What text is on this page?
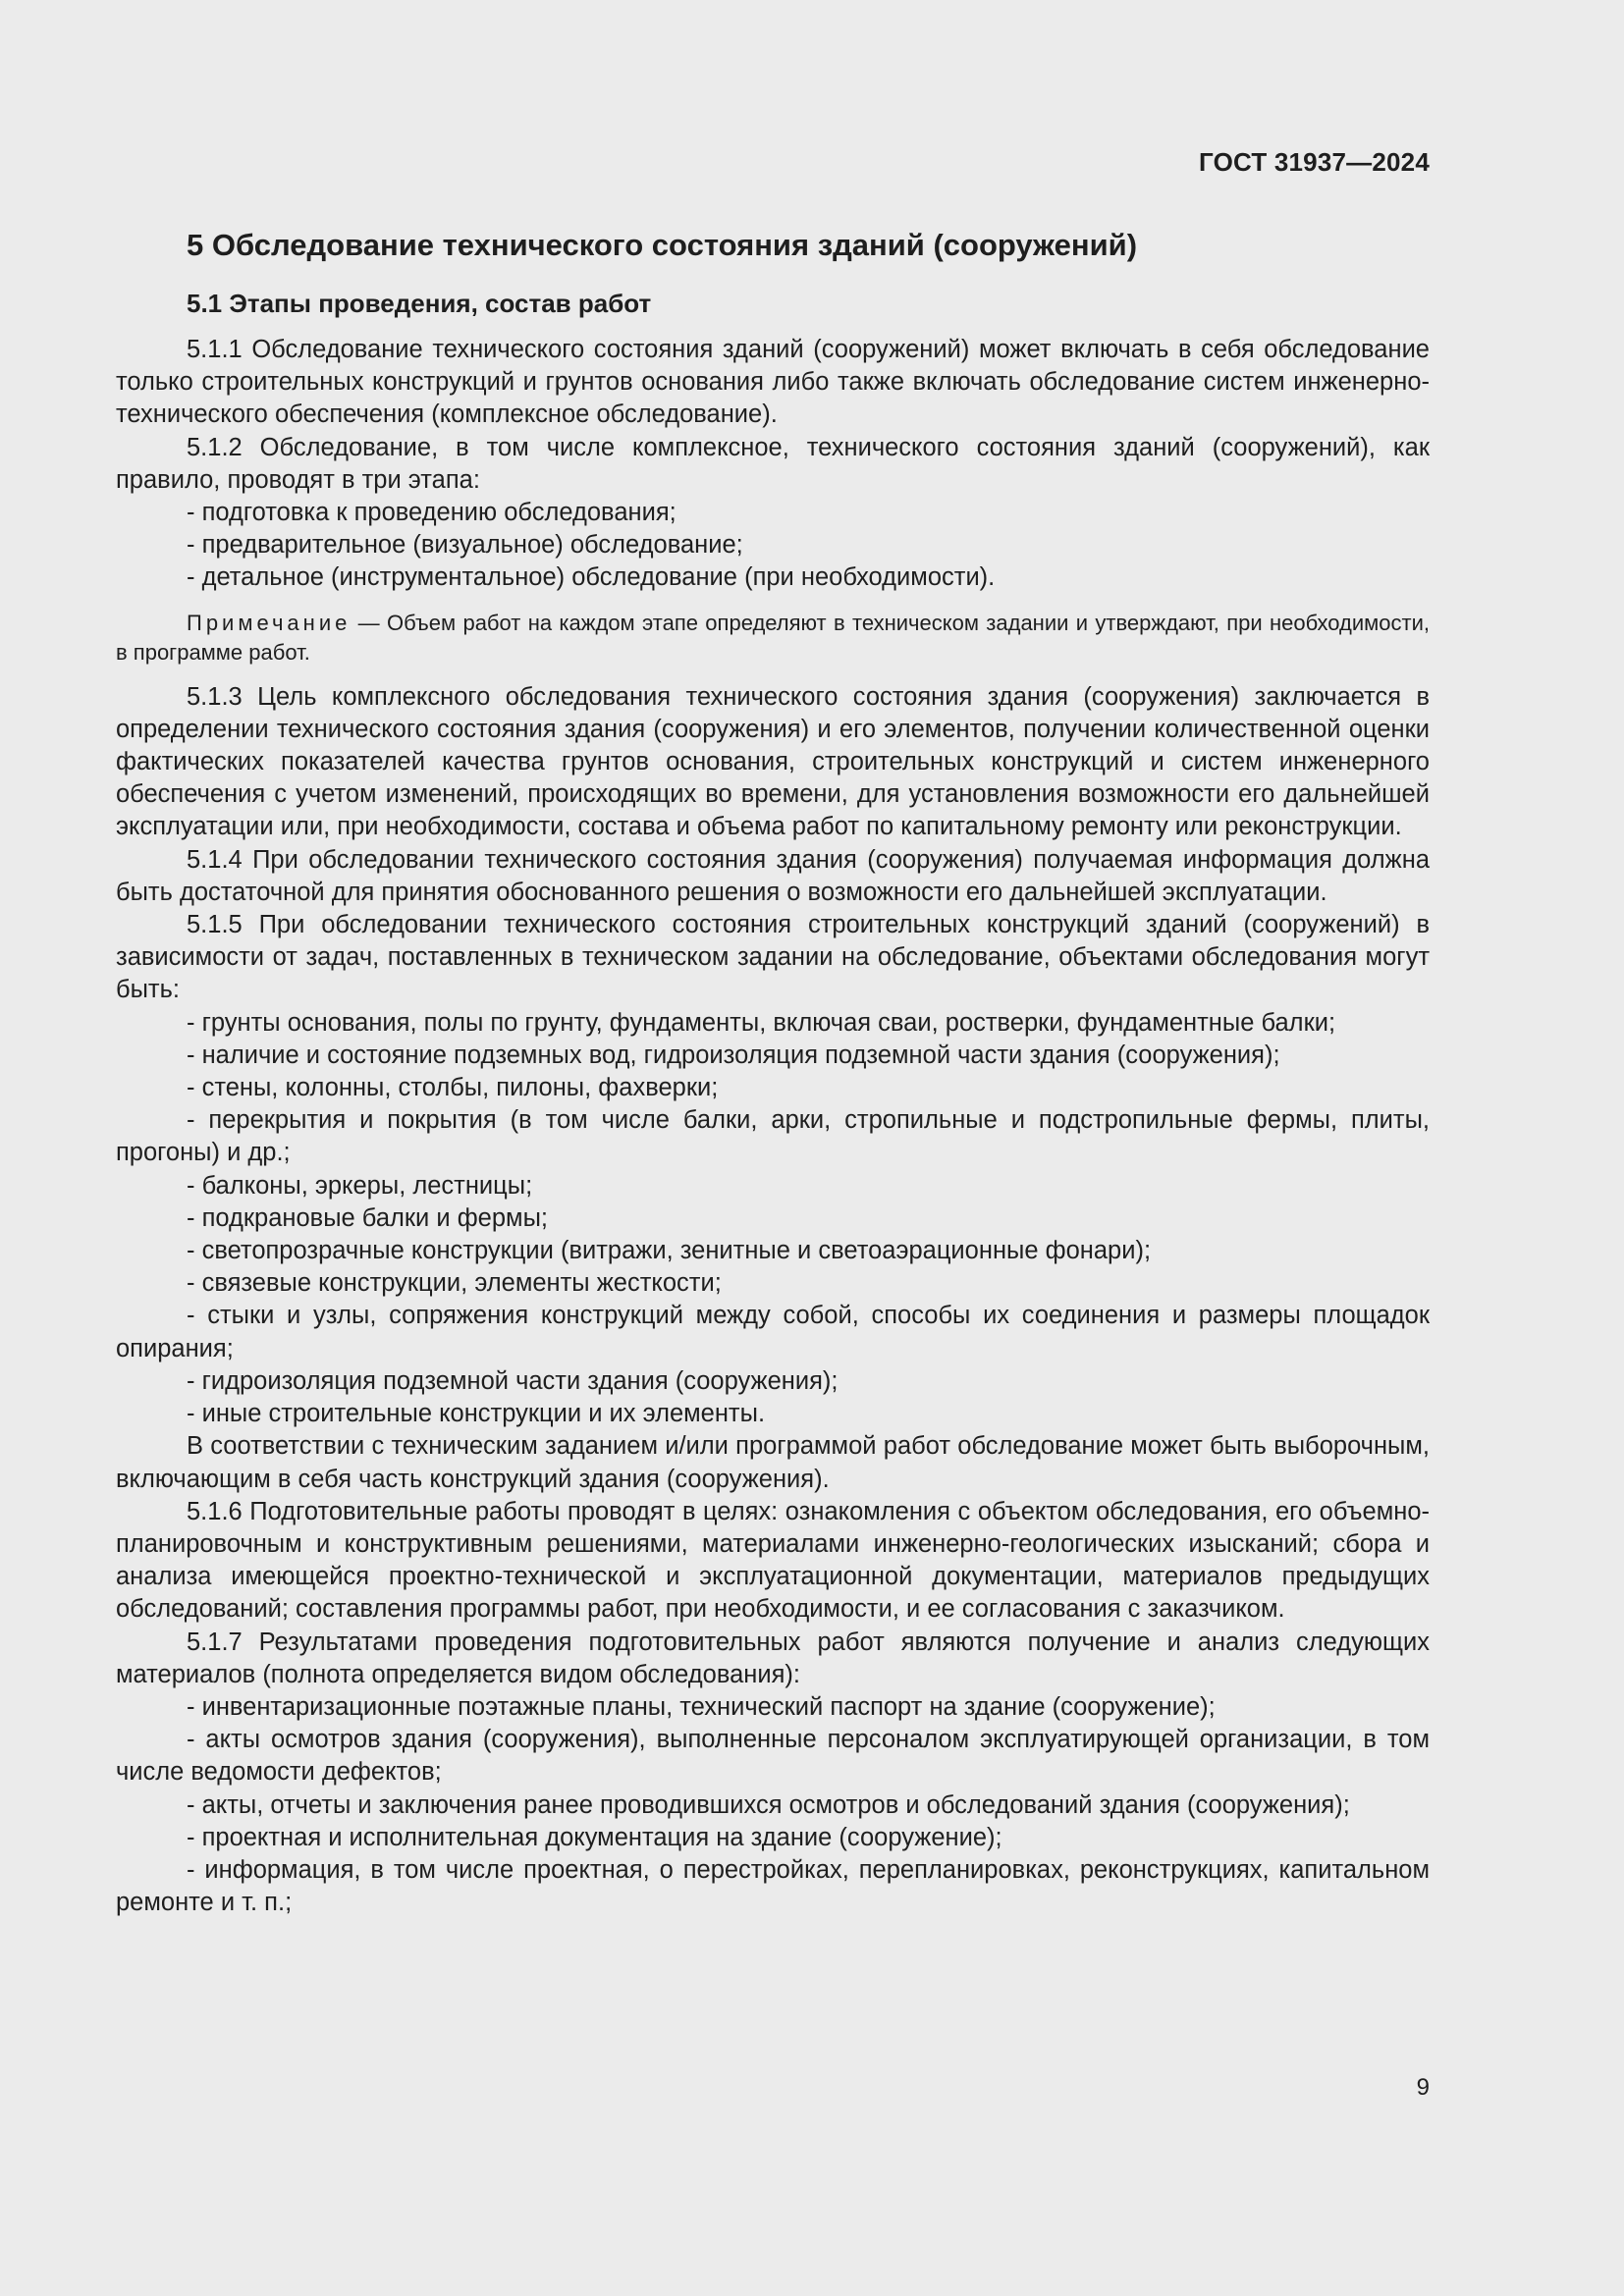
ГОСТ 31937—2024
5 Обследование технического состояния зданий (сооружений)
5.1 Этапы проведения, состав работ

5.1.1 Обследование технического состояния зданий (сооружений) может включать в себя обследование только строительных конструкций и грунтов основания либо также включать обследование систем инженерно-технического обеспечения (комплексное обследование).

5.1.2 Обследование, в том числе комплексное, технического состояния зданий (сооружений), как правило, проводят в три этапа:

- подготовка к проведению обследования;

- предварительное (визуальное) обследование;

- детальное (инструментальное) обследование (при необходимости).

Примечание — Объем работ на каждом этапе определяют в техническом задании и утверждают, при необходимости, в программе работ.

5.1.3 Цель комплексного обследования технического состояния здания (сооружения) заключается в определении технического состояния здания (сооружения) и его элементов, получении количественной оценки фактических показателей качества грунтов основания, строительных конструкций и систем инженерного обеспечения с учетом изменений, происходящих во времени, для установления возможности его дальнейшей эксплуатации или, при необходимости, состава и объема работ по капитальному ремонту или реконструкции.

5.1.4 При обследовании технического состояния здания (сооружения) получаемая информация должна быть достаточной для принятия обоснованного решения о возможности его дальнейшей эксплуатации.

5.1.5 При обследовании технического состояния строительных конструкций зданий (сооружений) в зависимости от задач, поставленных в техническом задании на обследование, объектами обследования могут быть:

- грунты основания, полы по грунту, фундаменты, включая сваи, ростверки, фундаментные балки;

- наличие и состояние подземных вод, гидроизоляция подземной части здания (сооружения);

- стены, колонны, столбы, пилоны, фахверки;

- перекрытия и покрытия (в том числе балки, арки, стропильные и подстропильные фермы, плиты, прогоны) и др.;

- балконы, эркеры, лестницы;

- подкрановые балки и фермы;

- светопрозрачные конструкции (витражи, зенитные и светоаэрационные фонари);

- связевые конструкции, элементы жесткости;

- стыки и узлы, сопряжения конструкций между собой, способы их соединения и размеры площадок опирания;

- гидроизоляция подземной части здания (сооружения);

- иные строительные конструкции и их элементы.

В соответствии с техническим заданием и/или программой работ обследование может быть выборочным, включающим в себя часть конструкций здания (сооружения).

5.1.6 Подготовительные работы проводят в целях: ознакомления с объектом обследования, его объемно-планировочным и конструктивным решениями, материалами инженерно-геологических изысканий; сбора и анализа имеющейся проектно-технической и эксплуатационной документации, материалов предыдущих обследований; составления программы работ, при необходимости, и ее согласования с заказчиком.

5.1.7 Результатами проведения подготовительных работ являются получение и анализ следующих материалов (полнота определяется видом обследования):

- инвентаризационные поэтажные планы, технический паспорт на здание (сооружение);

- акты осмотров здания (сооружения), выполненные персоналом эксплуатирующей организации, в том числе ведомости дефектов;

- акты, отчеты и заключения ранее проводившихся осмотров и обследований здания (сооружения);

- проектная и исполнительная документация на здание (сооружение);

- информация, в том числе проектная, о перестройках, перепланировках, реконструкциях, капитальном ремонте и т. п.;

9
